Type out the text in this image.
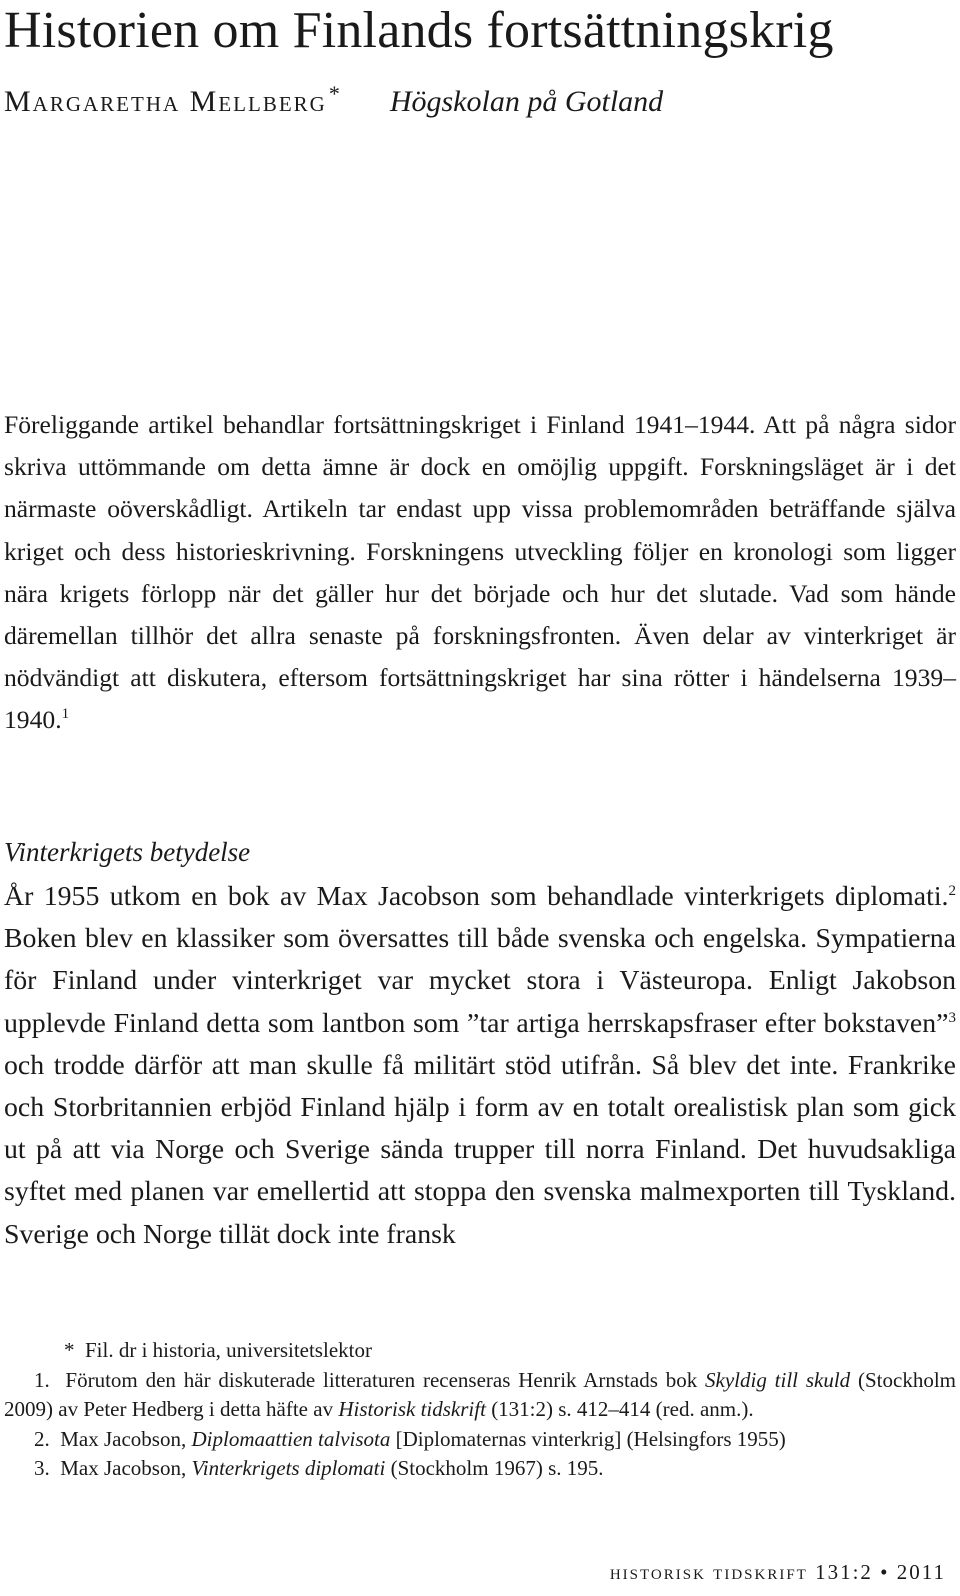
Historien om Finlands fortsättningskrig
Margaretha Mellberg* Högskolan på Gotland

Föreliggande artikel behandlar fortsättningskriget i Finland 1941–1944. Att på några sidor skriva uttömmande om detta ämne är dock en omöjlig uppgift. Forskningsläget är i det närmaste oöverskådligt. Artikeln tar endast upp vissa problemområden beträffande själva kriget och dess historieskrivning. Forskningens utveckling följer en kronologi som ligger nära krigets förlopp när det gäller hur det började och hur det slutade. Vad som hände däremellan tillhör det allra senaste på forskningsfronten. Även delar av vinterkriget är nödvändigt att diskutera, eftersom fortsättningskriget har sina rötter i händelserna 1939–1940.$^1$

Vinterkrigets betydelse

År 1955 utkom en bok av Max Jacobson som behandlade vinterkrigets diplomati.$^2$ Boken blev en klassiker som översattes till både svenska och engelska. Sympatierna för Finland under vinterkriget var mycket stora i Västeuropa. Enligt Jakobson upplevde Finland detta som lantbon som ”tar artiga herrskapsfraser efter bokstaven”$^3$ och trodde därför att man skulle få militärt stöd utifrån. Så blev det inte. Frankrike och Storbritannien erbjöd Finland hjälp i form av en totalt orealistisk plan som gick ut på att via Norge och Sverige sända trupper till norra Finland. Det huvudsakliga syftet med planen var emellertid att stoppa den svenska malmexporten till Tyskland. Sverige och Norge tillät dock inte fransk

* Fil. dr i historia, universitetslektor

1. Förutom den här diskuterade litteraturen recenseras Henrik Arnstads bok Skyldig till skuld (Stockholm 2009) av Peter Hedberg i detta häfte av Historisk tidskrift (131:2) s. 412–414 (red. anm.).

2. Max Jacobson, Diplomaattien talvisota [Diplomaternas vinterkrig] (Helsingfors 1955)

3. Max Jacobson, Vinterkrigets diplomati (Stockholm 1967) s. 195.

historisk tidskrift 131:2 • 2011
